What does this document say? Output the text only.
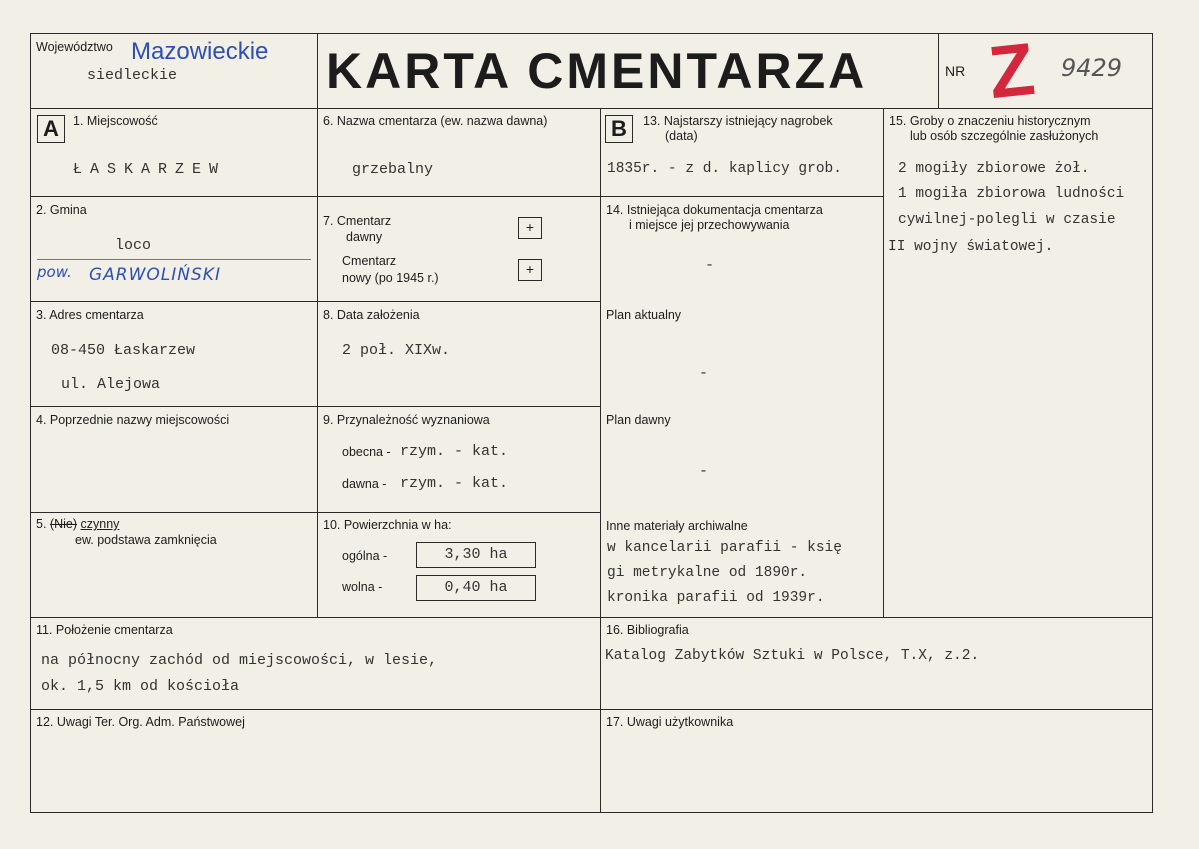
Województwo Mazowieckie
siedleckie	KARTA CMENTARZA	NR Z 9429
A	1. Miejscowość
ŁASKARZEW
2. Gmina
loco
pow. GARWOLIŃSKI
3. Adres cmentarza
08-450 Łaskarzew
ul. Alejowa
4. Poprzednie nazwy miejscowości
5. (Nie) czynny
ew. podstawa zamknięcia
6. Nazwa cmentarza (ew. nazwa dawna)
grzebalny
7. Cmentarz
dawny
Cmentarz
nowy (po 1945 r.)
+
+
8. Data założenia
2 poł. XIXw.
9. Przynależność wyznaniowa
obecna - rzym. - kat.
dawna - rzym. - kat.
10. Powierzchnia w ha:
ogólna -	3,30 ha
wolna -	0,40 ha
B	13. Najstarszy istniejący nagrobek
(data)
1835r. - z d. kaplicy grob.
14. Istniejąca dokumentacja cmentarza
i miejsce jej przechowywania
-
Plan aktualny
-
Plan dawny
-
Inne materiały archiwalne
w kancelarii parafii - księ
gi metrykalne od 1890r.
kronika parafii od 1939r.
15. Groby o znaczeniu historycznym
lub osób szczególnie zasłużonych
2 mogiły zbiorowe żoł.
1 mogiła zbiorowa ludności
cywilnej-polegli w czasie
II wojny światowej.
11. Położenie cmentarza
na północny zachód od miejscowości, w lesie,
ok. 1,5 km od kościoła
16. Bibliografia
Katalog Zabytków Sztuki w Polsce, T.X, z.2.
12. Uwagi Ter. Org. Adm. Państwowej	17. Uwagi użytkownika
